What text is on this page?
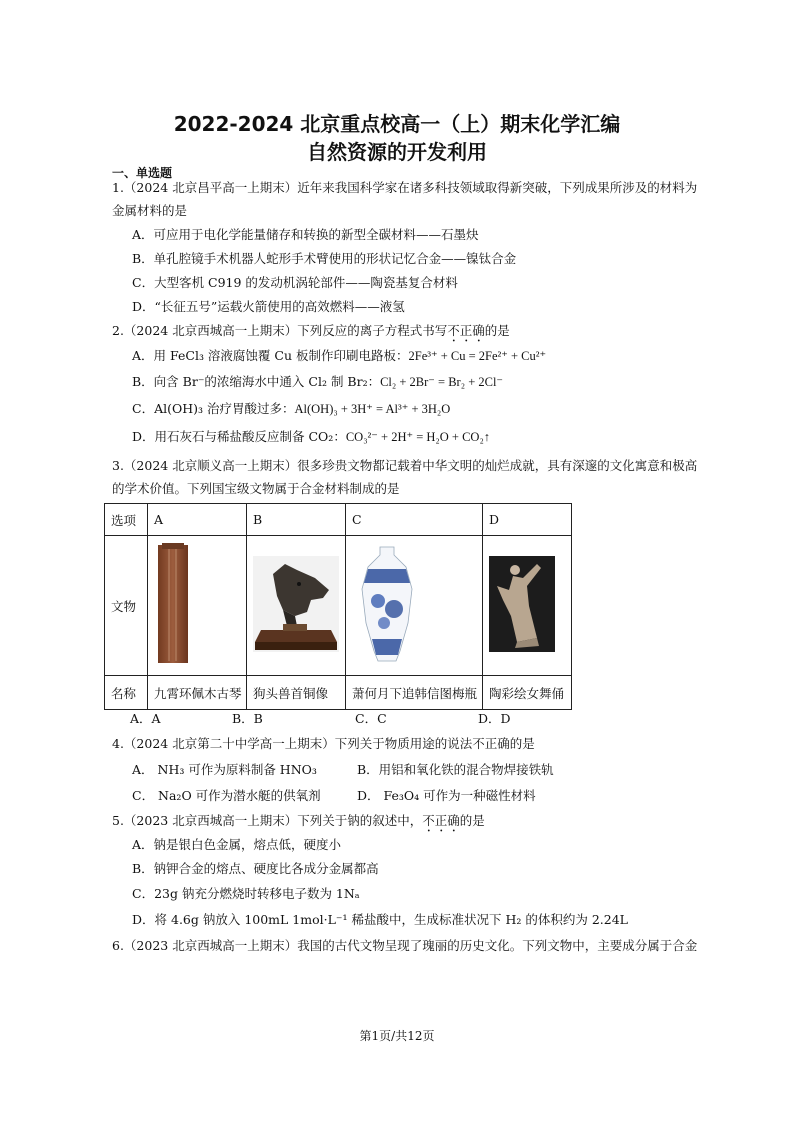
2022-2024 北京重点校高一（上）期末化学汇编
自然资源的开发利用
一、单选题
1.（2024 北京昌平高一上期末）近年来我国科学家在诸多科技领域取得新突破，下列成果所涉及的材料为
金属材料的是
A．可应用于电化学能量储存和转换的新型全碳材料——石墨炔
B．单孔腔镜手术机器人蛇形手术臂使用的形状记忆合金——镍钛合金
C．大型客机 C919 的发动机涡轮部件——陶瓷基复合材料
D．“长征五号”运载火箭使用的高效燃料——液氢
2.（2024 北京西城高一上期末）下列反应的离子方程式书写不正确的是
A．用 FeCl₃ 溶液腐蚀覆 Cu 板制作印刷电路板：2Fe³⁺ + Cu = 2Fe²⁺ + Cu²⁺
B．向含 Br⁻的浓缩海水中通入 Cl₂ 制 Br₂：Cl₂ + 2Br⁻ = Br₂ + 2Cl⁻
C．Al(OH)₃ 治疗胃酸过多：Al(OH)₃ + 3H⁺ = Al³⁺ + 3H₂O
D．用石灰石与稀盐酸反应制备 CO₂：CO₃²⁻ + 2H⁺ = H₂O + CO₂↑
3.（2024 北京顺义高一上期末）很多珍贵文物都记载着中华文明的灿烂成就，具有深邃的文化寓意和极高
的学术价值。下列国宝级文物属于合金材料制成的是
选项	A	B	C	D
文物				
名称	九霄环佩木古琴	狗头兽首铜像	萧何月下追韩信图梅瓶	陶彩绘女舞俑
A．A	B．B	C．C	D．D
4.（2024 北京第二十中学高一上期末）下列关于物质用途的说法不正确的是
A． NH₃ 可作为原料制备 HNO₃	B．用铝和氧化铁的混合物焊接铁轨
C． Na₂O 可作为潜水艇的供氧剂	D． Fe₃O₄ 可作为一种磁性材料
5.（2023 北京西城高一上期末）下列关于钠的叙述中，不正确的是
A．钠是银白色金属，熔点低，硬度小
B．钠钾合金的熔点、硬度比各成分金属都高
C．23g 钠充分燃烧时转移电子数为 1Nₐ
D．将 4.6g 钠放入 100mL 1mol·L⁻¹ 稀盐酸中，生成标准状况下 H₂ 的体积约为 2.24L
6.（2023 北京西城高一上期末）我国的古代文物呈现了瑰丽的历史文化。下列文物中，主要成分属于合金
第1页/共12页
